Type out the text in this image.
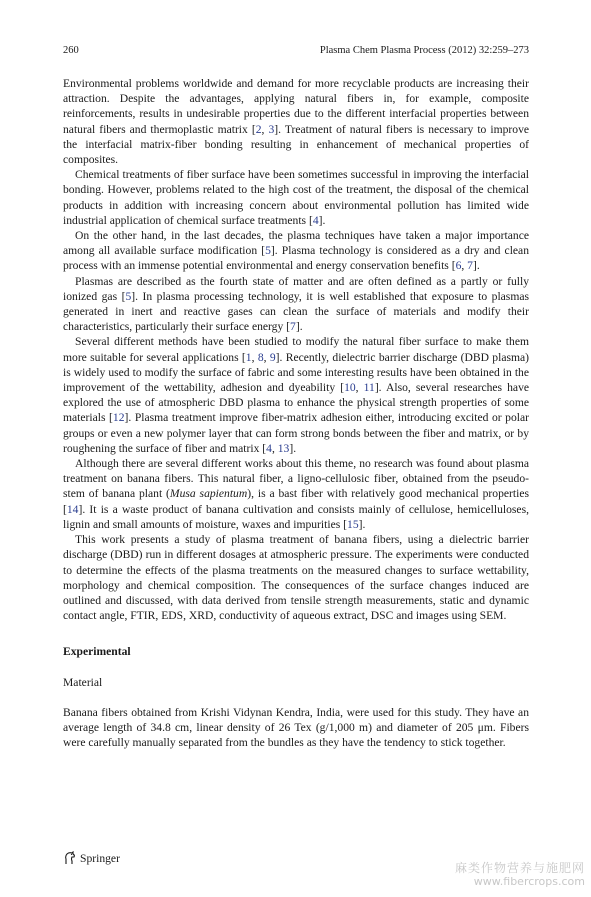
260	Plasma Chem Plasma Process (2012) 32:259–273

Environmental problems worldwide and demand for more recyclable products are increasing their attraction. Despite the advantages, applying natural fibers in, for example, composite reinforcements, results in undesirable properties due to the different interfacial properties between natural fibers and thermoplastic matrix [2, 3]. Treatment of natural fibers is necessary to improve the interfacial matrix-fiber bonding resulting in enhancement of mechanical properties of composites.

Chemical treatments of fiber surface have been sometimes successful in improving the interfacial bonding. However, problems related to the high cost of the treatment, the disposal of the chemical products in addition with increasing concern about environmental pollution has limited wide industrial application of chemical surface treatments [4].

On the other hand, in the last decades, the plasma techniques have taken a major importance among all available surface modification [5]. Plasma technology is considered as a dry and clean process with an immense potential environmental and energy conservation benefits [6, 7].

Plasmas are described as the fourth state of matter and are often defined as a partly or fully ionized gas [5]. In plasma processing technology, it is well established that exposure to plasmas generated in inert and reactive gases can clean the surface of materials and modify their characteristics, particularly their surface energy [7].

Several different methods have been studied to modify the natural fiber surface to make them more suitable for several applications [1, 8, 9]. Recently, dielectric barrier discharge (DBD plasma) is widely used to modify the surface of fabric and some interesting results have been obtained in the improvement of the wettability, adhesion and dyeability [10, 11]. Also, several researches have explored the use of atmospheric DBD plasma to enhance the physical strength properties of some materials [12]. Plasma treatment improve fiber-matrix adhesion either, introducing excited or polar groups or even a new polymer layer that can form strong bonds between the fiber and matrix, or by roughening the surface of fiber and matrix [4, 13].

Although there are several different works about this theme, no research was found about plasma treatment on banana fibers. This natural fiber, a ligno-cellulosic fiber, obtained from the pseudo-stem of banana plant (Musa sapientum), is a bast fiber with relatively good mechanical properties [14]. It is a waste product of banana cultivation and consists mainly of cellulose, hemicelluloses, lignin and small amounts of moisture, waxes and impurities [15].

This work presents a study of plasma treatment of banana fibers, using a dielectric barrier discharge (DBD) run in different dosages at atmospheric pressure. The experiments were conducted to determine the effects of the plasma treatments on the measured changes to surface wettability, morphology and chemical composition. The consequences of the surface changes induced are outlined and discussed, with data derived from tensile strength measurements, static and dynamic contact angle, FTIR, EDS, XRD, conductivity of aqueous extract, DSC and images using SEM.

Experimental
Material

Banana fibers obtained from Krishi Vidynan Kendra, India, were used for this study. They have an average length of 34.8 cm, linear density of 26 Tex (g/1,000 m) and diameter of 205 μm. Fibers were carefully manually separated from the bundles as they have the tendency to stick together.

Springer
麻类作物营养与施肥网
www.fibercrops.com
